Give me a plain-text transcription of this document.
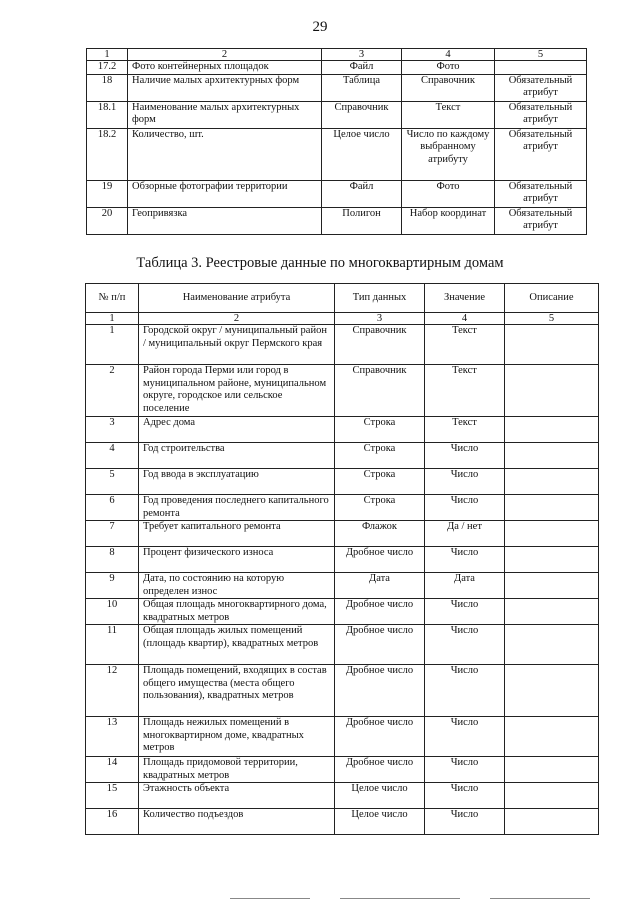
29
1	2	3	4	5
17.2	Фото контейнерных площадок	Файл	Фото	
18	Наличие малых архитектурных форм	Таблица	Справочник	Обязательный атрибут
18.1	Наименование малых архитектурных форм	Справочник	Текст	Обязательный атрибут
18.2	Количество, шт.	Целое число	Число по каждому выбранному атрибуту	Обязательный атрибут
19	Обзорные фотографии территории	Файл	Фото	Обязательный атрибут
20	Геопривязка	Полигон	Набор координат	Обязательный атрибут
Таблица 3. Реестровые данные по многоквартирным домам
№ п/п	Наименование атрибута	Тип данных	Значение	Описание
1	2	3	4	5
1	Городской округ / муниципальный район / муниципальный округ Пермского края	Справочник	Текст	
2	Район города Перми или город в муниципальном районе, муниципальном округе, городское или сельское поселение	Справочник	Текст	
3	Адрес дома	Строка	Текст	
4	Год строительства	Строка	Число	
5	Год ввода в эксплуатацию	Строка	Число	
6	Год проведения последнего капитального ремонта	Строка	Число	
7	Требует капитального ремонта	Флажок	Да / нет	
8	Процент физического износа	Дробное число	Число	
9	Дата, по состоянию на которую определен износ	Дата	Дата	
10	Общая площадь многоквартирного дома, квадратных метров	Дробное число	Число	
11	Общая площадь жилых помещений (площадь квартир), квадратных метров	Дробное число	Число	
12	Площадь помещений, входящих в состав общего имущества (места общего пользования), квадратных метров	Дробное число	Число	
13	Площадь нежилых помещений в многоквартирном доме, квадратных метров	Дробное число	Число	
14	Площадь придомовой территории, квадратных метров	Дробное число	Число	
15	Этажность объекта	Целое число	Число	
16	Количество подъездов	Целое число	Число	
